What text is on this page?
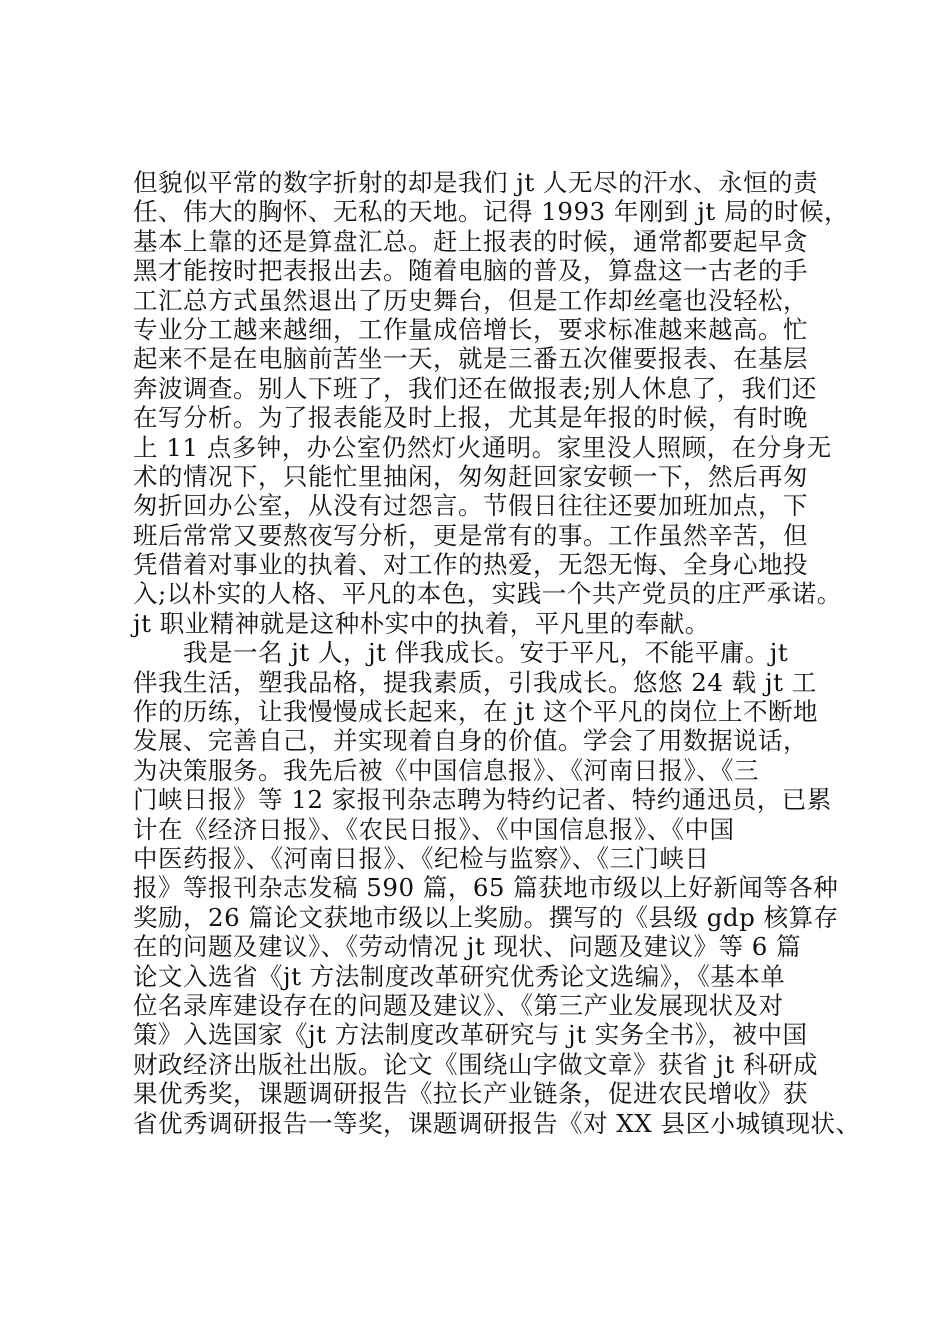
但貌似平常的数字折射的却是我们 jt 人无尽的汗水、永恒的责
任、伟大的胸怀、无私的天地。记得 1993 年刚到 jt 局的时候，
基本上靠的还是算盘汇总。赶上报表的时候，通常都要起早贪
黑才能按时把表报出去。随着电脑的普及，算盘这一古老的手
工汇总方式虽然退出了历史舞台，但是工作却丝毫也没轻松，
专业分工越来越细，工作量成倍增长，要求标准越来越高。忙
起来不是在电脑前苦坐一天，就是三番五次催要报表、在基层
奔波调查。别人下班了，我们还在做报表;别人休息了，我们还
在写分析。为了报表能及时上报，尤其是年报的时候，有时晚
上 11 点多钟，办公室仍然灯火通明。家里没人照顾，在分身无
术的情况下，只能忙里抽闲，匆匆赶回家安顿一下，然后再匆
匆折回办公室，从没有过怨言。节假日往往还要加班加点，下
班后常常又要熬夜写分析，更是常有的事。工作虽然辛苦，但
凭借着对事业的执着、对工作的热爱，无怨无悔、全身心地投
入;以朴实的人格、平凡的本色，实践一个共产党员的庄严承诺。
jt 职业精神就是这种朴实中的执着，平凡里的奉献。
　　我是一名 jt 人，jt 伴我成长。安于平凡，不能平庸。jt
伴我生活，塑我品格，提我素质，引我成长。悠悠 24 载 jt 工
作的历练，让我慢慢成长起来，在 jt 这个平凡的岗位上不断地
发展、完善自己，并实现着自身的价值。学会了用数据说话，
为决策服务。我先后被《中国信息报》、《河南日报》、《三
门峡日报》等 12 家报刊杂志聘为特约记者、特约通迅员，已累
计在《经济日报》、《农民日报》、《中国信息报》、《中国
中医药报》、《河南日报》、《纪检与监察》、《三门峡日
报》等报刊杂志发稿 590 篇，65 篇获地市级以上好新闻等各种
奖励，26 篇论文获地市级以上奖励。撰写的《县级 gdp 核算存
在的问题及建议》、《劳动情况 jt 现状、问题及建议》等 6 篇
论文入选省《jt 方法制度改革研究优秀论文选编》，《基本单
位名录库建设存在的问题及建议》、《第三产业发展现状及对
策》入选国家《jt 方法制度改革研究与 jt 实务全书》，被中国
财政经济出版社出版。论文《围绕山字做文章》获省 jt 科研成
果优秀奖，课题调研报告《拉长产业链条，促进农民增收》获
省优秀调研报告一等奖，课题调研报告《对 XX 县区小城镇现状、
